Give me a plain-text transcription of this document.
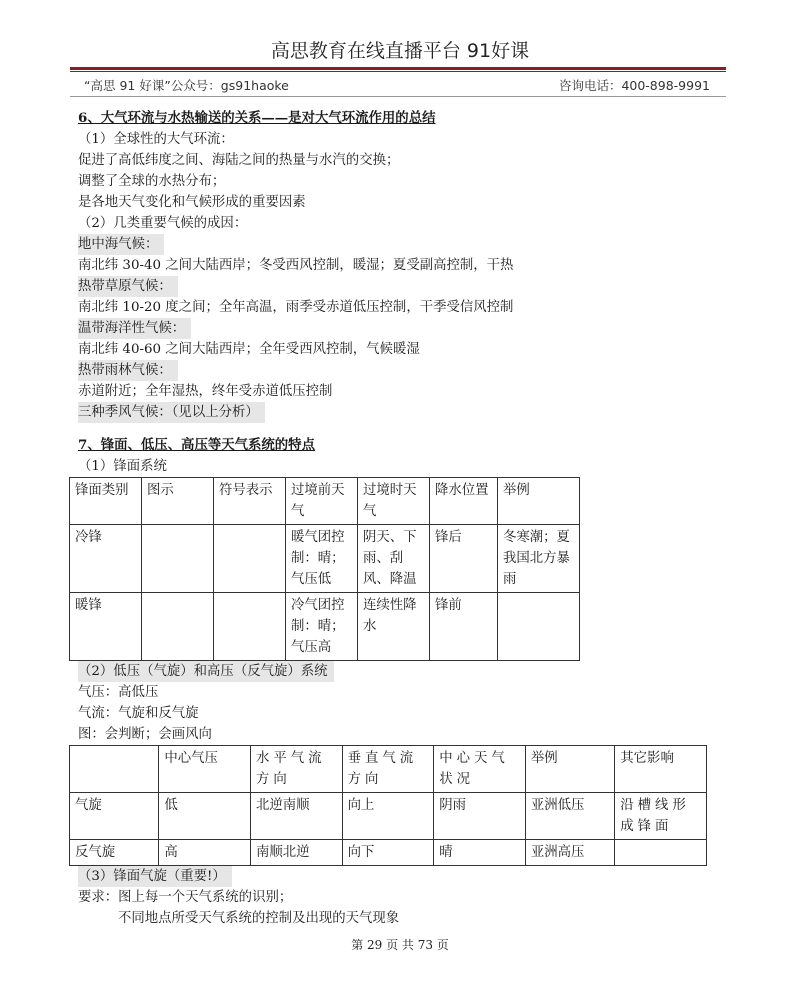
高思教育在线直播平台 91好课
“高思 91 好课”公众号：gs91haoke	咨询电话：400-898-9991
6、大气环流与水热输送的关系——是对大气环流作用的总结
（1）全球性的大气环流：
促进了高低纬度之间、海陆之间的热量与水汽的交换；
调整了全球的水热分布；
是各地天气变化和气候形成的重要因素
（2）几类重要气候的成因：
地中海气候：
南北纬 30-40 之间大陆西岸；冬受西风控制，暖湿；夏受副高控制，干热
热带草原气候：
南北纬 10-20 度之间；全年高温，雨季受赤道低压控制，干季受信风控制
温带海洋性气候：
南北纬 40-60 之间大陆西岸；全年受西风控制，气候暖湿
热带雨林气候：
赤道附近；全年湿热，终年受赤道低压控制
三种季风气候：（见以上分析）
7、锋面、低压、高压等天气系统的特点
（1）锋面系统
锋面类别	图示	符号表示	过境前天气	过境时天气	降水位置	举例
冷锋			暖气团控制：晴；气压低	阴天、下雨、刮风、降温	锋后	冬寒潮；夏我国北方暴雨
暖锋			冷气团控制：晴；气压高	连续性降水	锋前	
（2）低压（气旋）和高压（反气旋）系统
气压：高低压
气流：气旋和反气旋
图：会判断；会画风向
	中心气压	水平气流方向	垂直气流方向	中心天气状况	举例	其它影响
气旋	低	北逆南顺	向上	阴雨	亚洲低压	沿槽线形成锋面
反气旋	高	南顺北逆	向下	晴	亚洲高压	
（3）锋面气旋（重要!）
要求：图上每一个天气系统的识别；
不同地点所受天气系统的控制及出现的天气现象
第 29 页 共 73 页
